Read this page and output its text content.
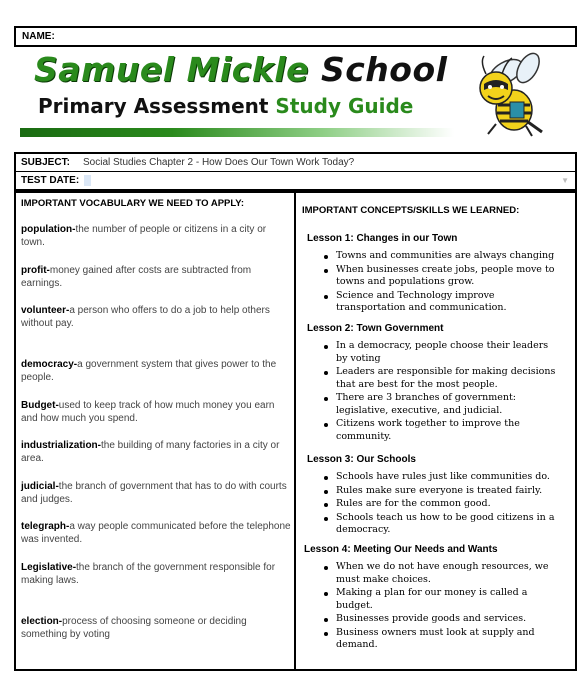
NAME:
Samuel Mickle School
Primary Assessment Study Guide
SUBJECT:	Social Studies Chapter 2 - How Does Our Town Work Today?
TEST DATE:	▼
IMPORTANT VOCABULARY WE NEED TO APPLY:
population-the number of people or citizens in a city or town.
profit-money gained after costs are subtracted from earnings.
volunteer-a person who offers to do a job to help others without pay.
democracy-a government system that gives power to the people.
Budget-used to keep track of how much money you earn and how much you spend.
industrialization-the building of many factories in a city or area.
judicial-the branch of government that has to do with courts and judges.
telegraph-a way people communicated before the telephone was invented.
Legislative-the branch of the government responsible for making laws.
election-process of choosing someone or deciding something by voting
IMPORTANT CONCEPTS/SKILLS WE LEARNED:
Lesson 1: Changes in our Town
Towns and communities are always changing
When businesses create jobs, people move to towns and populations grow.
Science and Technology improve transportation and communication.
Lesson 2: Town Government
In a democracy, people choose their leaders by voting
Leaders are responsible for making decisions that are best for the most people.
There are 3 branches of government: legislative, executive, and judicial.
Citizens work together to improve the community.
Lesson 3: Our Schools
Schools have rules just like communities do.
Rules make sure everyone is treated fairly.
Rules are for the common good.
Schools teach us how to be good citizens in a democracy.
Lesson 4: Meeting Our Needs and Wants
When we do not have enough resources, we must make choices.
Making a plan for our money is called a budget.
Businesses provide goods and services.
Business owners must look at supply and demand.
